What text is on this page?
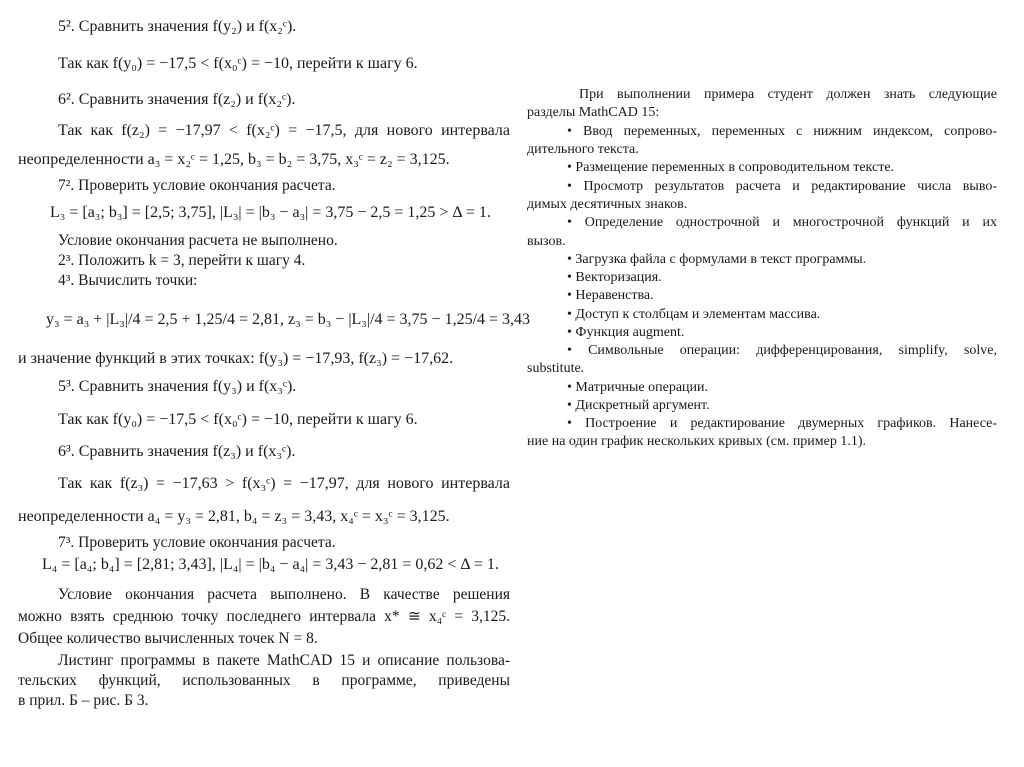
5². Сравнить значения f(y₂) и f(x₂ᶜ).
Так как f(y₀) = −17,5 < f(x₀ᶜ) = −10, перейти к шагу 6.
6². Сравнить значения f(z₂) и f(x₂ᶜ).
Так как f(z₂) = −17,97 < f(x₂ᶜ) = −17,5, для нового интервала
неопределенности a₃ = x₂ᶜ = 1,25, b₃ = b₂ = 3,75, x₃ᶜ = z₂ = 3,125.
7². Проверить условие окончания расчета.
L₃ = [a₃; b₃] = [2,5; 3,75], |L₃| = |b₃ − a₃| = 3,75 − 2,5 = 1,25 > Δ = 1.
Условие окончания расчета не выполнено.
2³. Положить k = 3, перейти к шагу 4.
4³. Вычислить точки:
y₃ = a₃ + |L₃|/4 = 2,5 + 1,25/4 = 2,81, z₃ = b₃ − |L₃|/4 = 3,75 − 1,25/4 = 3,43
и значение функций в этих точках: f(y₃) = −17,93, f(z₃) = −17,62.
5³. Сравнить значения f(y₃) и f(x₃ᶜ).
Так как f(y₀) = −17,5 < f(x₀ᶜ) = −10, перейти к шагу 6.
6³. Сравнить значения f(z₃) и f(x₃ᶜ).
Так как f(z₃) = −17,63 > f(x₃ᶜ) = −17,97, для нового интервала
неопределенности a₄ = y₃ = 2,81, b₄ = z₃ = 3,43, x₄ᶜ = x₃ᶜ = 3,125.
7³. Проверить условие окончания расчета.
L₄ = [a₄; b₄] = [2,81; 3,43], |L₄| = |b₄ − a₄| = 3,43 − 2,81 = 0,62 < Δ = 1.
Условие окончания расчета выполнено. В качестве решения
можно взять среднюю точку последнего интервала x* ≅ x₄ᶜ = 3,125.
Общее количество вычисленных точек N = 8.
Листинг программы в пакете MathCAD 15 и описание пользова-
тельских функций, использованных в программе, приведены
в прил. Б – рис. Б 3.
При выполнении примера студент должен знать следующие
разделы MathCAD 15:
• Ввод переменных, переменных с нижним индексом, сопрово-
дительного текста.
• Размещение переменных в сопроводительном тексте.
• Просмотр результатов расчета и редактирование числа выво-
димых десятичных знаков.
• Определение однострочной и многострочной функций и их
вызов.
• Загрузка файла с формулами в текст программы.
• Векторизация.
• Неравенства.
• Доступ к столбцам и элементам массива.
• Функция augment.
• Символьные операции: дифференцирования, simplify, solve,
substitute.
• Матричные операции.
• Дискретный аргумент.
• Построение и редактирование двумерных графиков. Нанесе-
ние на один график нескольких кривых (см. пример 1.1).
